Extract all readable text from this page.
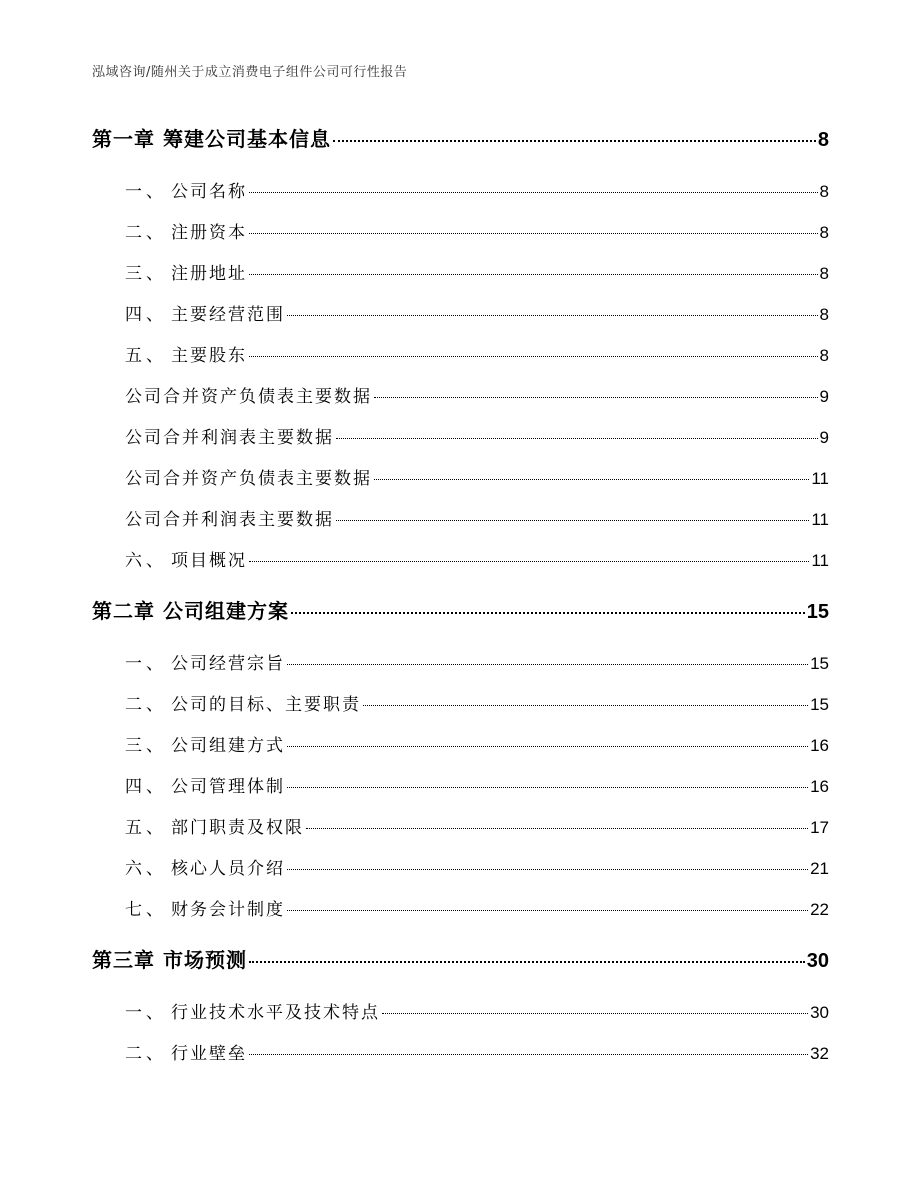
泓域咨询/随州关于成立消费电子组件公司可行性报告
第一章 筹建公司基本信息	8
一、 公司名称	8
二、 注册资本	8
三、 注册地址	8
四、 主要经营范围	8
五、 主要股东	8
公司合并资产负债表主要数据	9
公司合并利润表主要数据	9
公司合并资产负债表主要数据	11
公司合并利润表主要数据	11
六、 项目概况	11
第二章 公司组建方案	15
一、 公司经营宗旨	15
二、 公司的目标、主要职责	15
三、 公司组建方式	16
四、 公司管理体制	16
五、 部门职责及权限	17
六、 核心人员介绍	21
七、 财务会计制度	22
第三章 市场预测	30
一、 行业技术水平及技术特点	30
二、 行业壁垒	32
